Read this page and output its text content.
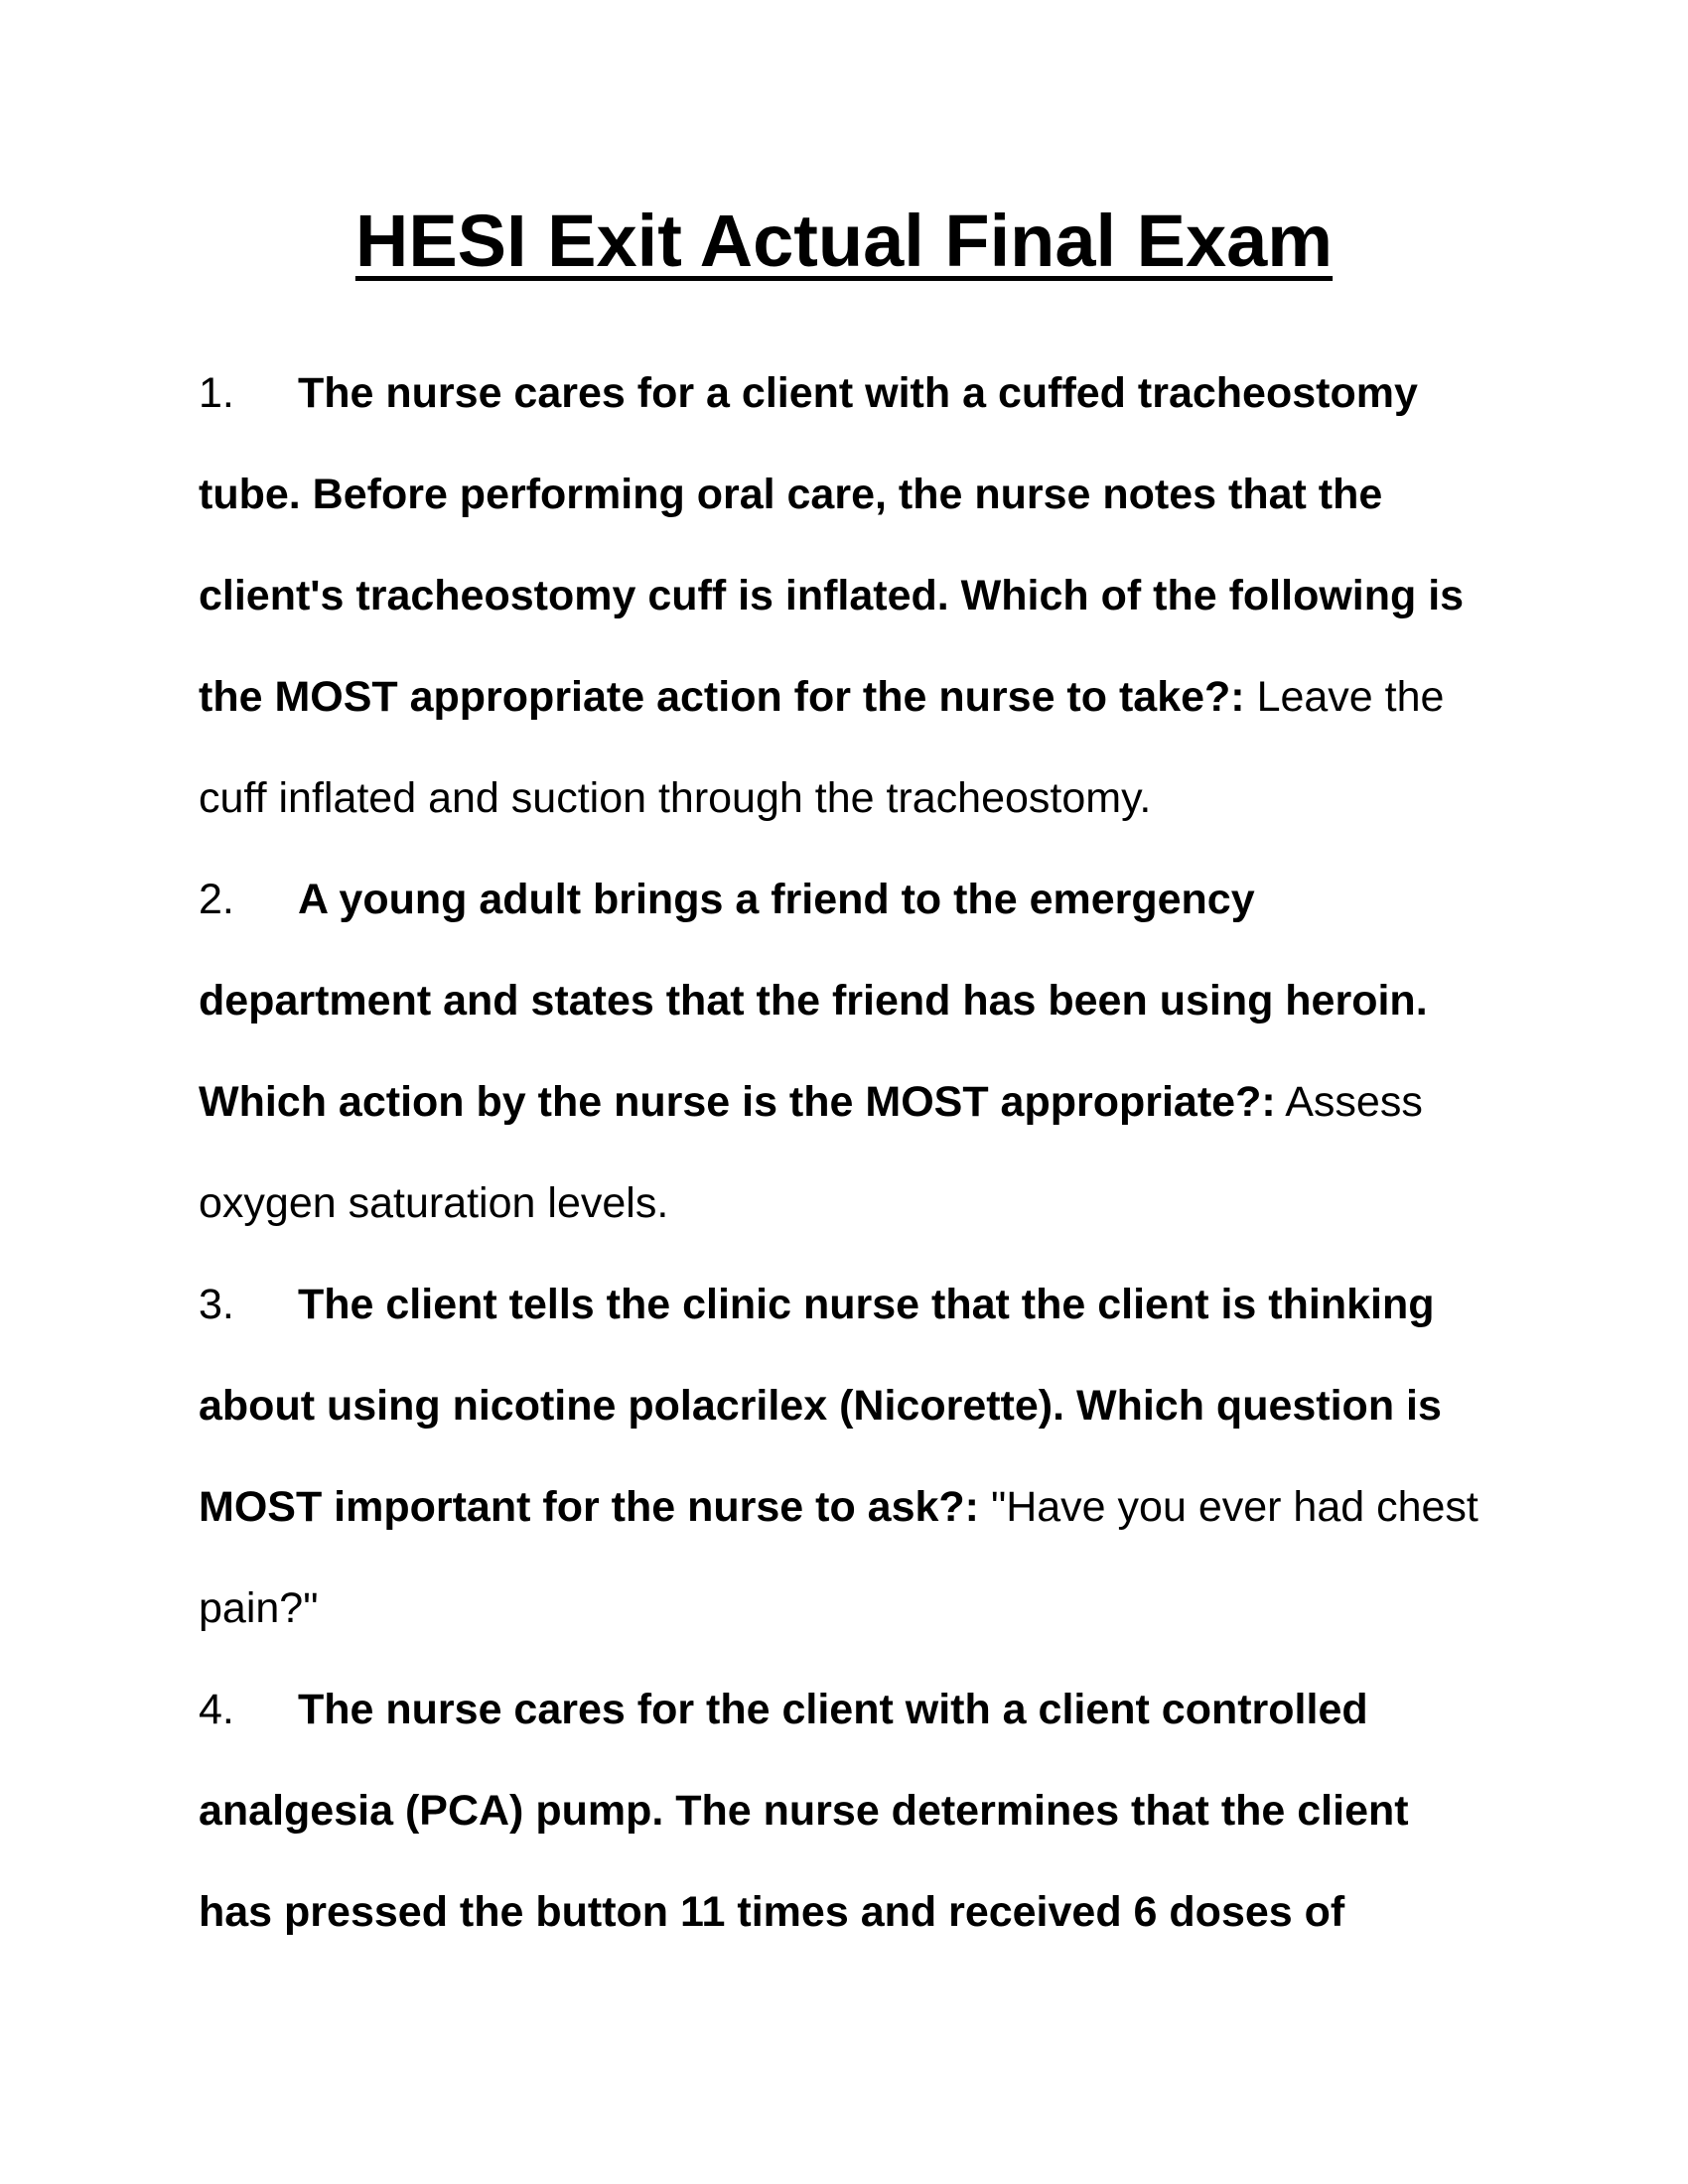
HESI Exit Actual Final Exam
1. The nurse cares for a client with a cuffed tracheostomy tube. Before performing oral care, the nurse notes that the client's tracheostomy cuff is inflated. Which of the following is the MOST appropriate action for the nurse to take?: Leave the cuff inflated and suction through the tracheostomy.
2. A young adult brings a friend to the emergency department and states that the friend has been using heroin. Which action by the nurse is the MOST appropriate?: Assess oxygen saturation levels.
3. The client tells the clinic nurse that the client is thinking about using nicotine polacrilex (Nicorette). Which question is MOST important for the nurse to ask?: "Have you ever had chest pain?"
4. The nurse cares for the client with a client controlled analgesia (PCA) pump. The nurse determines that the client has pressed the button 11 times and received 6 doses of
